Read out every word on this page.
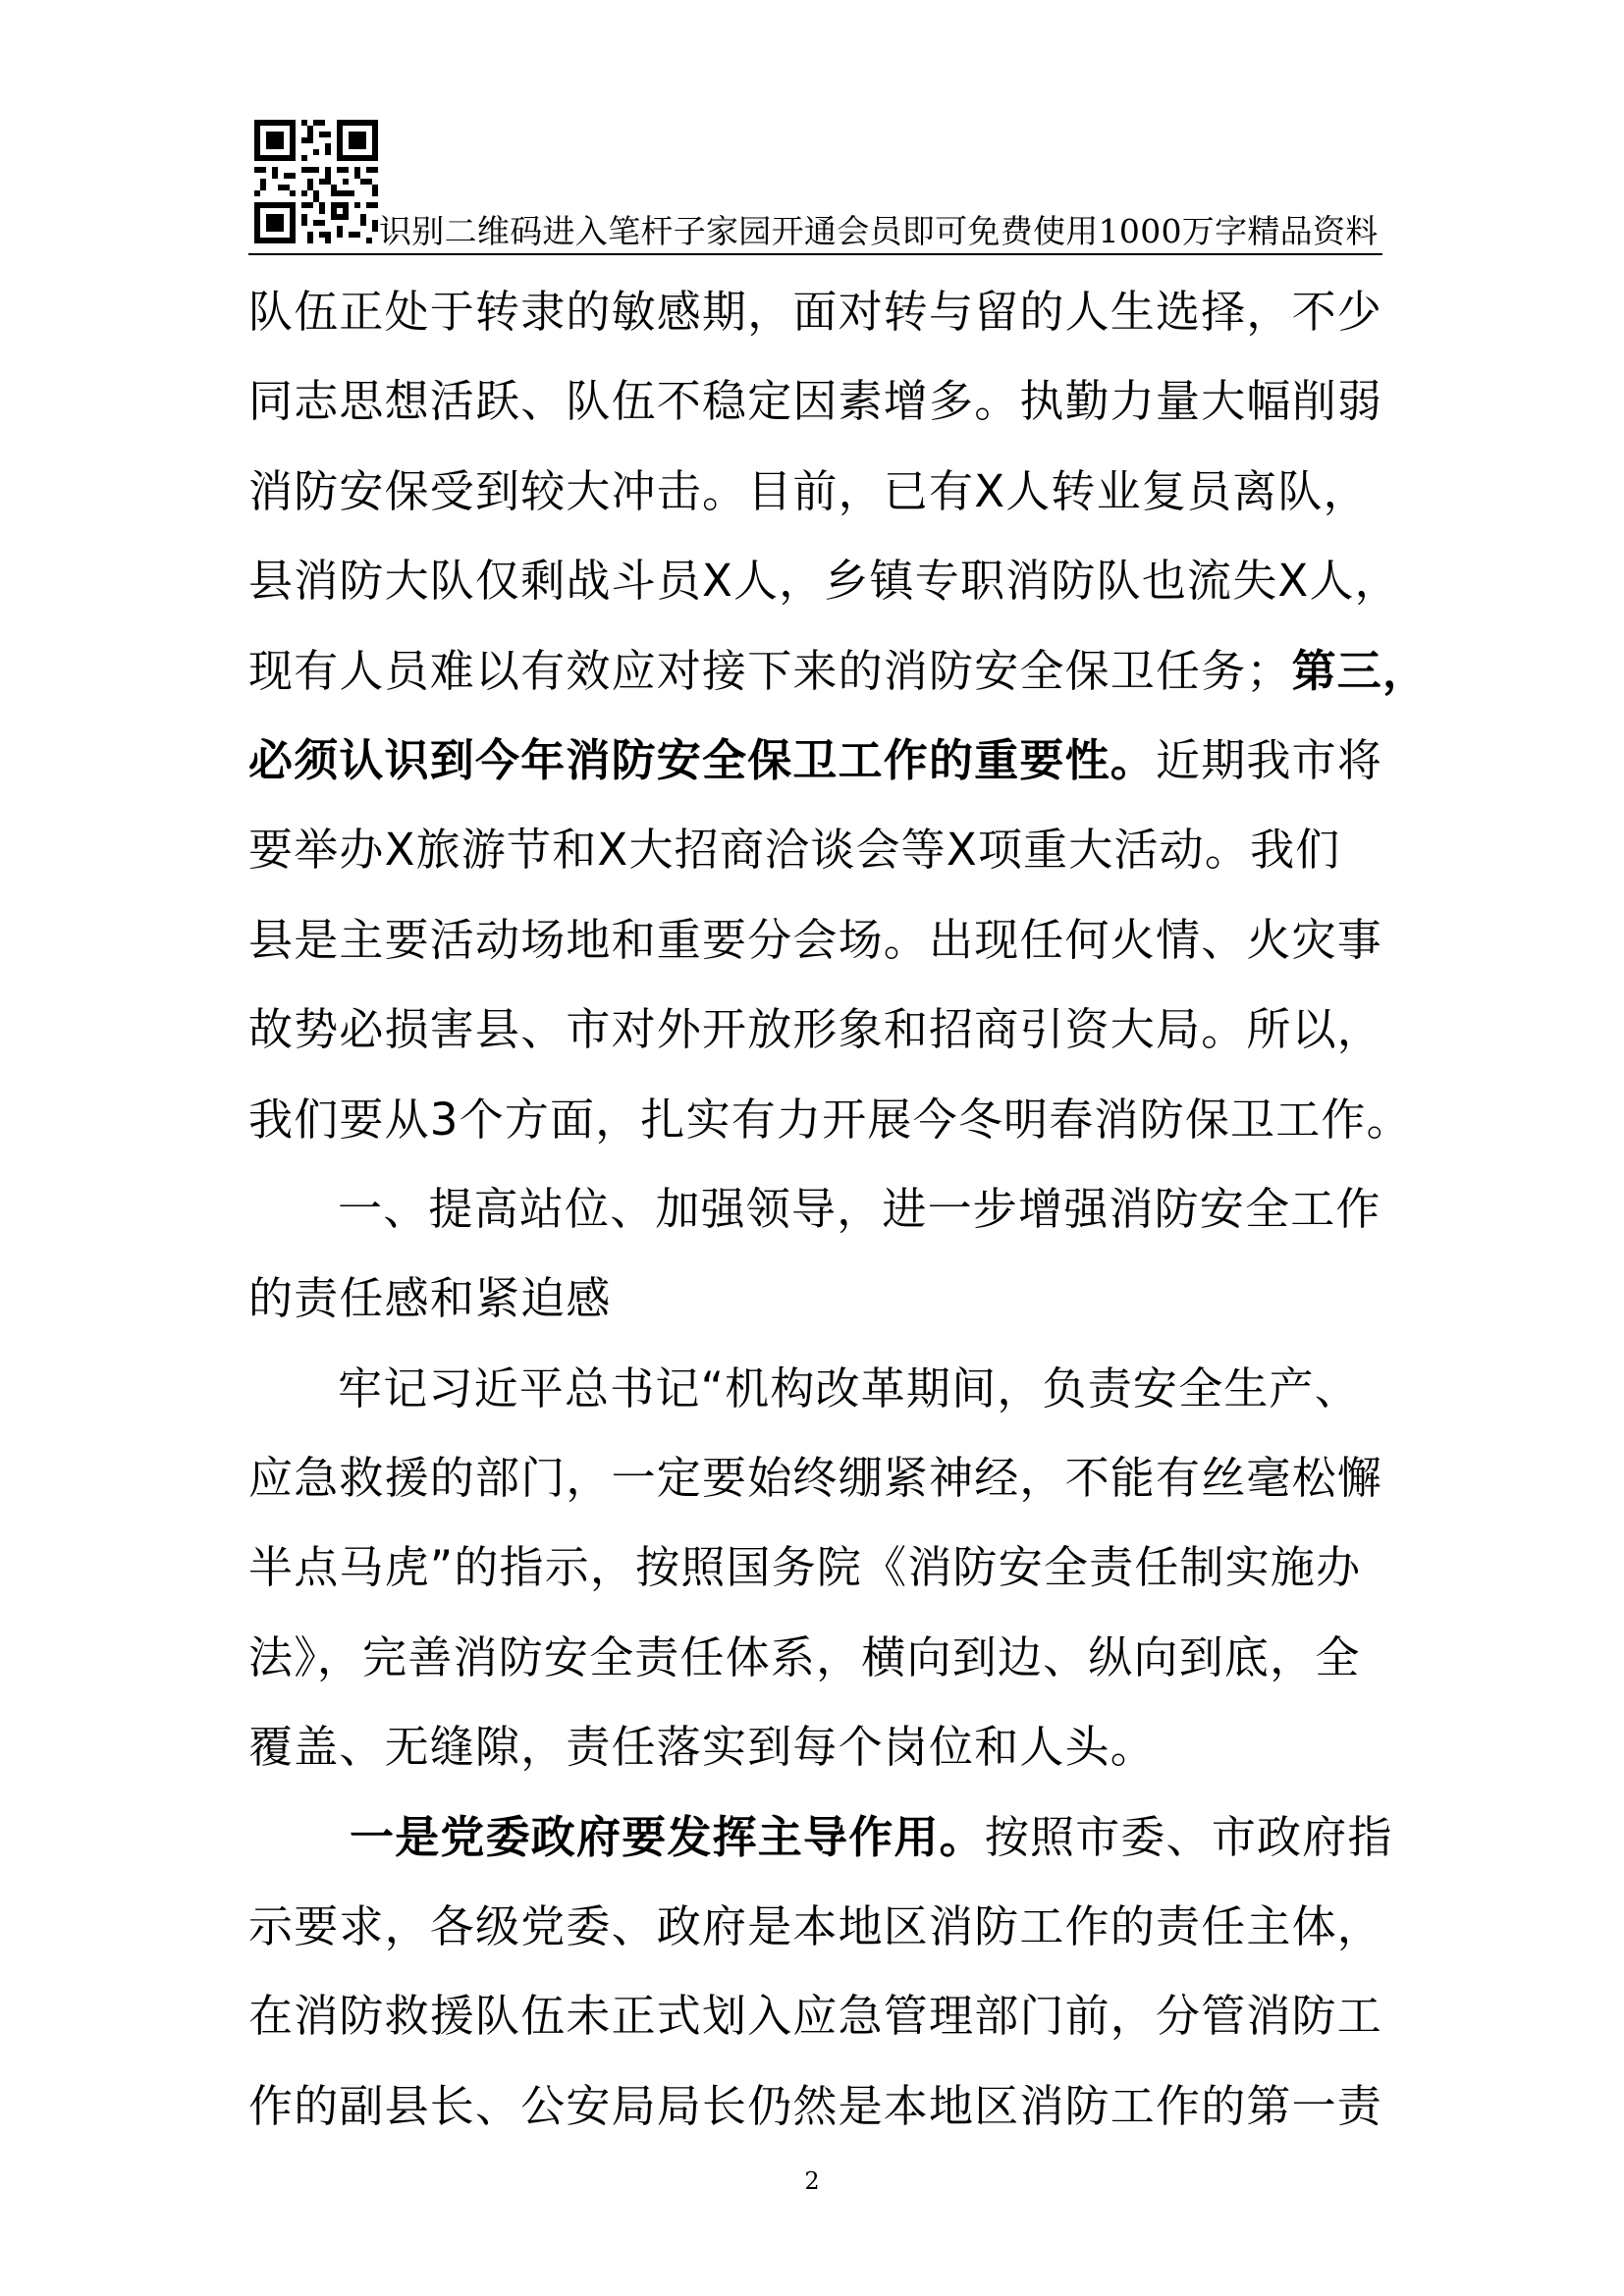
识别二维码进入笔杆子家园开通会员即可免费使用1000万字精品资料
队伍正处于转隶的敏感期，面对转与留的人生选择，不少
同志思想活跃、队伍不稳定因素增多。执勤力量大幅削弱
消防安保受到较大冲击。目前，已有X人转业复员离队，
县消防大队仅剩战斗员X人，乡镇专职消防队也流失X人，
现有人员难以有效应对接下来的消防安全保卫任务；第三，
必须认识到今年消防安全保卫工作的重要性。近期我市将
要举办X旅游节和X大招商洽谈会等X项重大活动。我们
县是主要活动场地和重要分会场。出现任何火情、火灾事
故势必损害县、市对外开放形象和招商引资大局。所以，
我们要从3个方面，扎实有力开展今冬明春消防保卫工作。
一、提高站位、加强领导，进一步增强消防安全工作
的责任感和紧迫感
牢记习近平总书记“机构改革期间，负责安全生产、
应急救援的部门，一定要始终绷紧神经，不能有丝毫松懈
半点马虎”的指示，按照国务院《消防安全责任制实施办
法》，完善消防安全责任体系，横向到边、纵向到底，全
覆盖、无缝隙，责任落实到每个岗位和人头。
一是党委政府要发挥主导作用。按照市委、市政府指
示要求，各级党委、政府是本地区消防工作的责任主体，
在消防救援队伍未正式划入应急管理部门前，分管消防工
作的副县长、公安局局长仍然是本地区消防工作的第一责
2
